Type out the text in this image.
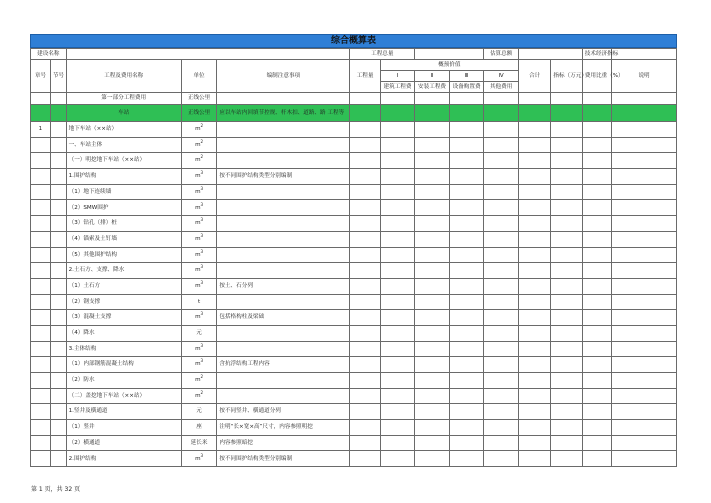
综合概算表
建设名称					工程总量				估算总额			技术经济指标	
章号	节号	工程及费用名称	单位	编制注意事项	工程量	概预价值				合计	指标（万元）	费用比重（%）	说明
						Ⅰ	Ⅱ	Ⅲ	Ⅳ				
						建筑工程费	安装工程费	设备购置费	其他费用				
		第一部分工程费用	正线公里										
		车站	正线公里	应以车站内回填节控规、杆木扣、道路、路 工程等									
1		地下车站（××站）	$m^2$										
		一、车站主体	$m^2$										
		（一）明挖地下车站（××站）	$m^2$										
		1.围护结构	$m^3$	按不同围护结构类型分别编制									
		（1）地下连续墙	$m^3$										
		（2）SMW围护	$m^3$										
		（3）钻孔（排）桩	$m^3$										
		（4）锚索及土钉墙	$m^3$										
		（5）其他围护结构	$m^3$										
		2.土石方、支撑、降水	$m^3$										
		（1）土石方	$m^3$	按土、石分列									
		（2）钢支撑	t										
		（3）混凝土支撑	$m^3$	包括格构柱及梁础									
		（4）降水	元										
		3.主体结构	$m^3$										
		（1）内部钢筋混凝土结构	$m^3$	含抗浮结构工程内容									
		（2）防水	$m^2$										
		（二）盖挖地下车站（××站）	$m^2$										
		1.竖井及横通道	元	按不同竖井、横通道分列									
		（1）竖井	座	注明“长×宽×高”尺寸，内容参照明挖									
		（2）横通道	延长米	内容参照暗挖									
		2.围护结构	$m^3$	按不同围护结构类型分别编制									
第 1 页，共 32 页
